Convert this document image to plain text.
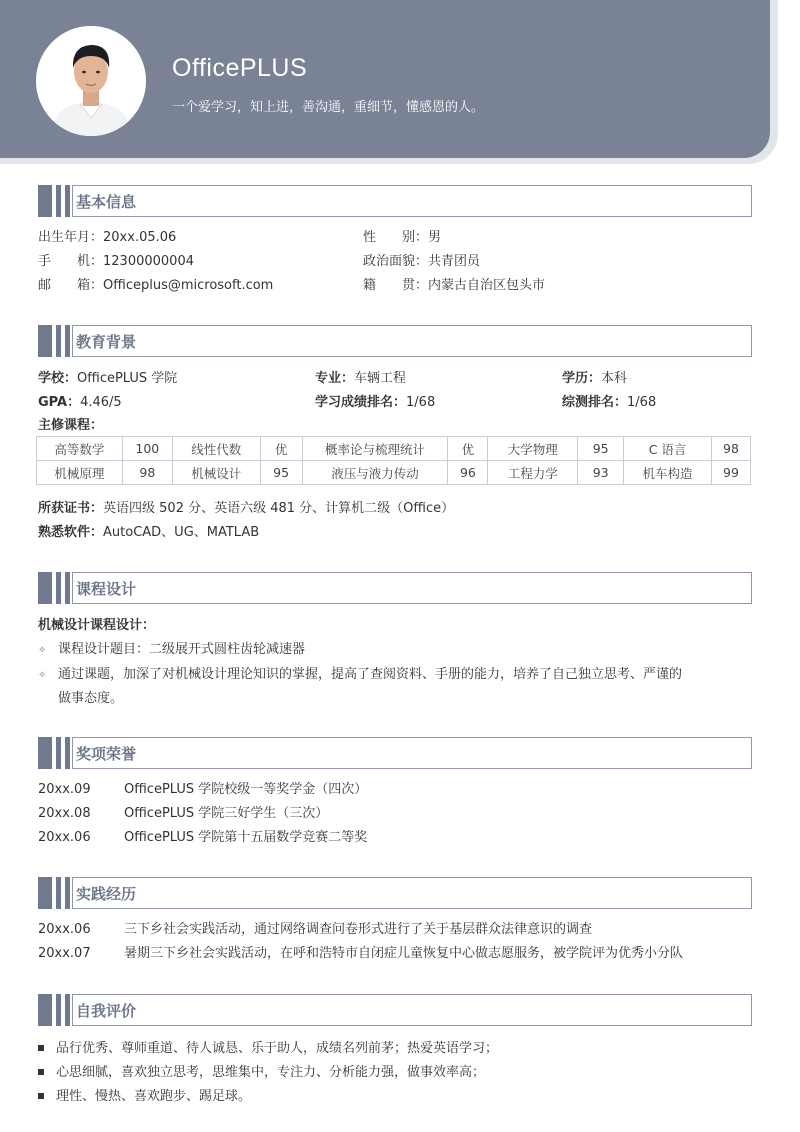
OfficePLUS
一个爱学习，知上进，善沟通，重细节，懂感恩的人。
基本信息
出生年月：20xx.05.06	性　　别：男
手　　机：12300000004	政治面貌：共青团员
邮　　箱：Officeplus@microsoft.com	籍　　贯：内蒙古自治区包头市
教育背景
学校：OfficePLUS 学院	专业：车辆工程	学历：本科
GPA：4.46/5	学习成绩排名：1/68	综测排名：1/68
主修课程：
高等数学	100	线性代数	优	概率论与梳理统计	优	大学物理	95	C 语言	98
机械原理	98	机械设计	95	液压与液力传动	96	工程力学	93	机车构造	99
所获证书：英语四级 502 分、英语六级 481 分、计算机二级（Office）
熟悉软件：AutoCAD、UG、MATLAB
课程设计
机械设计课程设计：
✧ 课程设计题目：二级展开式圆柱齿轮减速器
✧ 通过课题，加深了对机械设计理论知识的掌握，提高了查阅资料、手册的能力，培养了自己独立思考、严谨的
做事态度。
奖项荣誉
20xx.09	OfficePLUS 学院校级一等奖学金（四次）
20xx.08	OfficePLUS 学院三好学生（三次）
20xx.06	OfficePLUS 学院第十五届数学竞赛二等奖
实践经历
20xx.06	三下乡社会实践活动，通过网络调查问卷形式进行了关于基层群众法律意识的调查
20xx.07	暑期三下乡社会实践活动，在呼和浩特市自闭症儿童恢复中心做志愿服务，被学院评为优秀小分队
自我评价
品行优秀、尊师重道、待人诚恳、乐于助人，成绩名列前茅；热爱英语学习；
心思细腻，喜欢独立思考，思维集中，专注力、分析能力强，做事效率高；
理性、慢热、喜欢跑步、踢足球。
